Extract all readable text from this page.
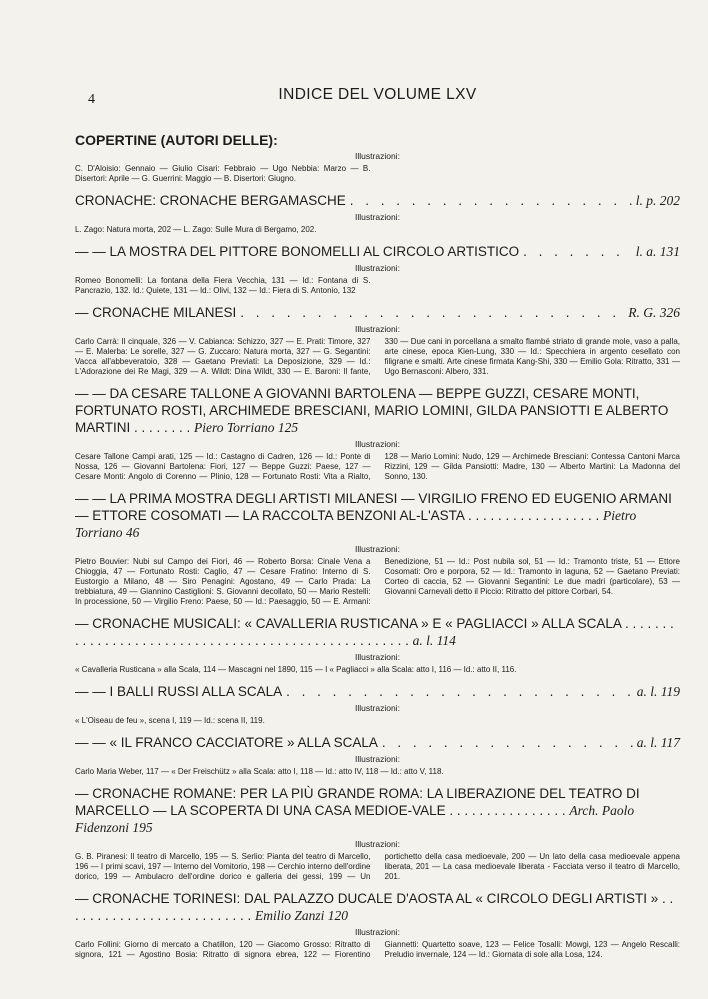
4	INDICE DEL VOLUME LXV
COPERTINE (AUTORI DELLE):
Illustrazioni:
C. D'Aloisio: Gennaio — Giulio Cisari: Febbraio — Ugo Nebbia: Marzo — B. Disertori: Aprile — G. Guerrini: Maggio — B. Disertori: Giugno.
CRONACHE: CRONACHE BERGAMASCHE . . .	l. p. 202
Illustrazioni:
L. Zago: Natura morta, 202 — L. Zago: Sulle Mura di Bergamo, 202.
— — LA MOSTRA DEL PITTORE BONOMELLI AL CIRCOLO ARTISTICO . . .	l. a. 131
Illustrazioni:
Romeo Bonomelli: La fontana della Fiera Vecchia, 131 — Id.: Fontana di S. Pancrazio, 132. Id.: Quiete, 131 — Id.: Olivi, 132 — Id.: Fiera di S. Antonio, 132
— CRONACHE MILANESI . . .	R. G. 326
Illustrazioni:
Carlo Carrà: Il cinquale, 326 — V. Cabianca: Schizzo, 327 — E. Prati: Timore, 327 — E. Malerba: Le sorelle, 327 — G. Zuccaro: Natura morta, 327 — G. Segantini: Vacca all'abbeveratoio, 328 — Gaetano Previati: La Deposizione, 329 — Id.: L'Adorazione dei Re Magi, 329 — A. Wildt: Dina Wildt, 330 — E. Baroni: Il fante, 330 — Due cani in porcellana a smalto flambé striato di grande mole, vaso a palla, arte cinese, epoca Kien-Lung, 330 — Id.: Specchiera in argento cesellato con filigrane e smalti. Arte cinese firmata Kang-Shi, 330 — Emilio Gola: Ritratto, 331 — Ugo Bernasconi: Albero, 331.
— — DA CESARE TALLONE A GIOVANNI BARTOLENA — BEPPE GUZZI, CESARE MONTI, FORTUNATO ROSTI, ARCHIMEDE BRESCIANI, MARIO LOMINI, GILDA PANSIOTTI E ALBERTO MARTINI . . . . . . . . Piero Torriano 125
Illustrazioni:
Cesare Tallone Campi arati, 125 — Id.: Castagno di Cadren, 126 — Id.: Ponte di Nossa, 126 — Giovanni Bartolena: Fiori, 127 — Beppe Guzzi: Paese, 127 — Cesare Monti: Angolo di Corenno — Plinio, 128 — Fortunato Rosti: Vita a Rialto, 128 — Mario Lomini: Nudo, 129 — Archimede Bresciani: Contessa Cantoni Marca Rizzini, 129 — Gilda Pansiotti: Madre, 130 — Alberto Martini: La Madonna del Sonno, 130.
— — LA PRIMA MOSTRA DEGLI ARTISTI MILANESI — VIRGILIO FRENO ED EUGENIO ARMANI — ETTORE COSOMATI — LA RACCOLTA BENZONI AL-L'ASTA . . . . . . . . . . . . . . . . . . Pietro Torriano 46
Illustrazioni:
Pietro Bouvier: Nubi sul Campo dei Fiori, 46 — Roberto Borsa: Cinale Vena a Chioggia, 47 — Fortunato Rosti: Caglio, 47 — Cesare Fratino: Interno di S. Eustorgio a Milano, 48 — Siro Penagini: Agostano, 49 — Carlo Prada: La trebbiatura, 49 — Giannino Castiglioni: S. Giovanni decollato, 50 — Mario Restelli: In processione, 50 — Virgilio Freno: Paese, 50 — Id.: Paesaggio, 50 — E. Armani: Benedizione, 51 — Id.: Post nubila sol, 51 — Id.: Tramonto triste, 51 — Ettore Cosomati: Oro e porpora, 52 — Id.: Tramonto in laguna, 52 — Gaetano Previati: Corteo di caccia, 52 — Giovanni Segantini: Le due madri (particolare), 53 — Giovanni Carnevali detto il Piccio: Ritratto del pittore Corbari, 54.
— CRONACHE MUSICALI: « CAVALLERIA RUSTICANA » E « PAGLIACCI » ALLA SCALA . . . . . . . . . . . . . . . . . . . . . . . . . . . . . . . . . . . . . . . . . . . . . . . . . . . . a. l. 114
Illustrazioni:
« Cavalleria Rusticana » alla Scala, 114 — Mascagni nel 1890, 115 — I « Pagliacci » alla Scala: atto I, 116 — Id.: atto II, 116.
— — I BALLI RUSSI ALLA SCALA . . .	a. l. 119
Illustrazioni:
« L'Oiseau de feu », scena I, 119 — Id.: scena II, 119.
— — « IL FRANCO CACCIATORE » ALLA SCALA . . .	a. l. 117
Illustrazioni:
Carlo Maria Weber, 117 — « Der Freischütz » alla Scala: atto I, 118 — Id.: atto IV, 118 — Id.: atto V, 118.
— CRONACHE ROMANE: PER LA PIÙ GRANDE ROMA: LA LIBERAZIONE DEL TEATRO DI MARCELLO — LA SCOPERTA DI UNA CASA MEDIOE-VALE . . . . . . . . . . . . . . . . Arch. Paolo Fidenzoni 195
Illustrazioni:
G. B. Piranesi: Il teatro di Marcello, 195 — S. Serlio: Pianta del teatro di Marcello, 196 — I primi scavi, 197 — Interno del Vomitorio, 198 — Cerchio interno dell'ordine dorico, 199 — Ambulacro dell'ordine dorico e galleria dei gessi, 199 — Un portichetto della casa medioevale, 200 — Un lato della casa medioevale appena liberata, 201 — La casa medioevale liberata - Facciata verso il teatro di Marcello, 201.
— CRONACHE TORINESI: DAL PALAZZO DUCALE D'AOSTA AL « CIRCOLO DEGLI ARTISTI » . . . . . . . . . . . . . . . . . . . . . . . . . . Emilio Zanzi 120
Illustrazioni:
Carlo Follini: Giorno di mercato a Chatillon, 120 — Giacomo Grosso: Ritratto di signora, 121 — Agostino Bosia: Ritratto di signora ebrea, 122 — Fiorentino Giannetti: Quartetto soave, 123 — Felice Tosalli: Mowgi, 123 — Angelo Rescalli: Preludio invernale, 124 — Id.: Giornata di sole alla Losa, 124.
